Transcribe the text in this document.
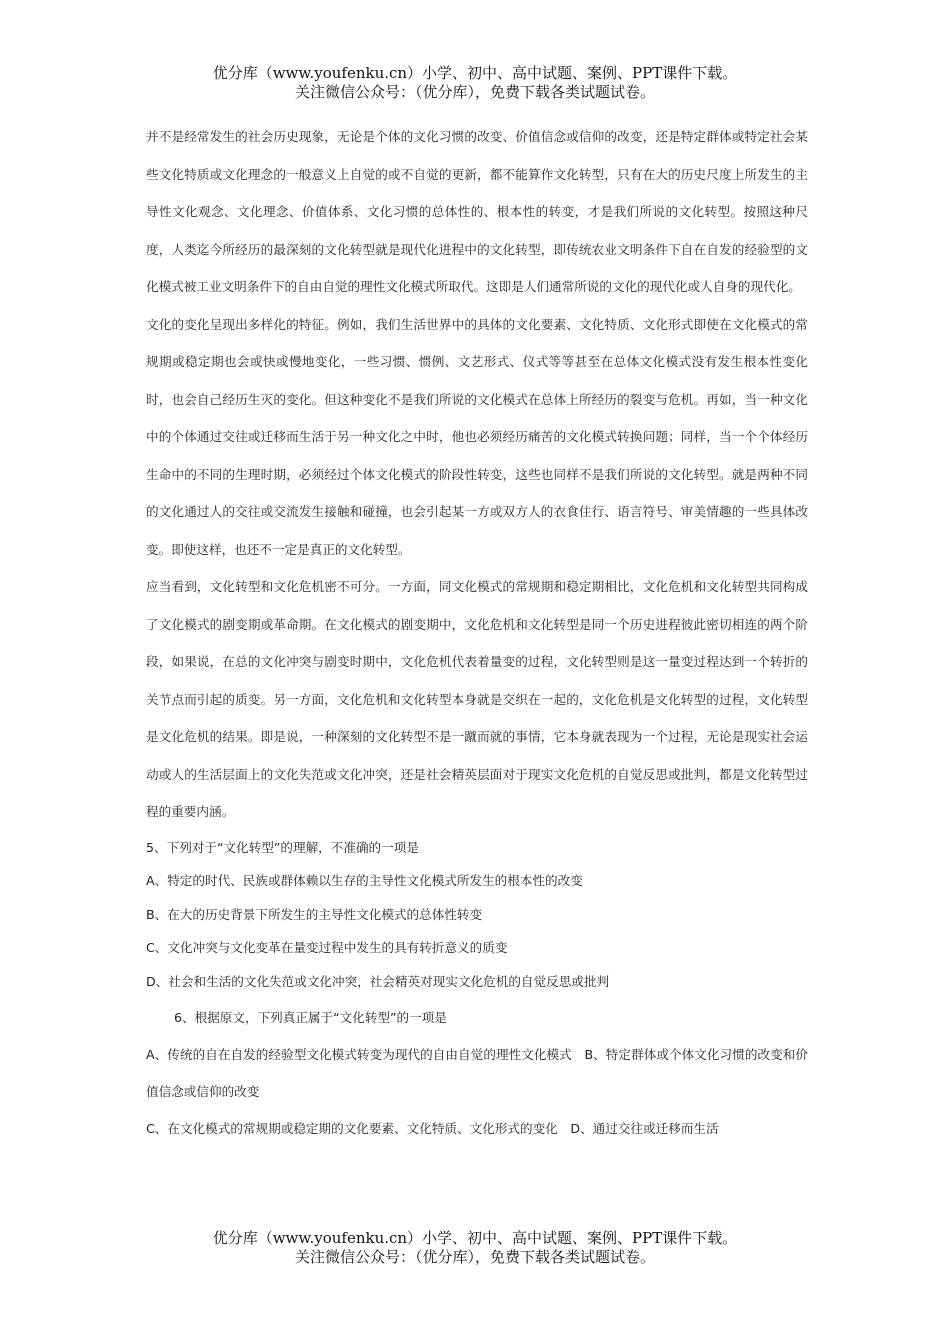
优分库（www.youfenku.cn）小学、初中、高中试题、案例、PPT课件下载。
关注微信公众号：（优分库），免费下载各类试题试卷。

并不是经常发生的社会历史现象，无论是个体的文化习惯的改变、价值信念或信仰的改变，还是特定群体或特定社会某些文化特质或文化理念的一般意义上自觉的或不自觉的更新，都不能算作文化转型，只有在大的历史尺度上所发生的主导性文化观念、文化理念、价值体系、文化习惯的总体性的、根本性的转变，才是我们所说的文化转型。按照这种尺度，人类迄今所经历的最深刻的文化转型就是现代化进程中的文化转型，即传统农业文明条件下自在自发的经验型的文化模式被工业文明条件下的自由自觉的理性文化模式所取代。这即是人们通常所说的文化的现代化或人自身的现代化。

文化的变化呈现出多样化的特征。例如，我们生活世界中的具体的文化要素、文化特质、文化形式即使在文化模式的常规期或稳定期也会或快或慢地变化，一些习惯、惯例、文艺形式、仪式等等甚至在总体文化模式没有发生根本性变化时，也会自己经历生灭的变化。但这种变化不是我们所说的文化模式在总体上所经历的裂变与危机。再如，当一种文化中的个体通过交往或迁移而生活于另一种文化之中时，他也必须经历痛苦的文化模式转换问题；同样，当一个个体经历生命中的不同的生理时期，必须经过个体文化模式的阶段性转变，这些也同样不是我们所说的文化转型。就是两种不同的文化通过人的交往或交流发生接触和碰撞，也会引起某一方或双方人的衣食住行、语言符号、审美情趣的一些具体改变。即使这样，也还不一定是真正的文化转型。

应当看到，文化转型和文化危机密不可分。一方面，同文化模式的常规期和稳定期相比，文化危机和文化转型共同构成了文化模式的剧变期或革命期。在文化模式的剧变期中，文化危机和文化转型是同一个历史进程彼此密切相连的两个阶段，如果说，在总的文化冲突与剧变时期中，文化危机代表着量变的过程，文化转型则是这一量变过程达到一个转折的关节点而引起的质变。另一方面，文化危机和文化转型本身就是交织在一起的，文化危机是文化转型的过程，文化转型是文化危机的结果。即是说，一种深刻的文化转型不是一蹴而就的事情，它本身就表现为一个过程，无论是现实社会运动或人的生活层面上的文化失范或文化冲突，还是社会精英层面对于现实文化危机的自觉反思或批判，都是文化转型过程的重要内涵。

5、下列对于“文化转型”的理解，不准确的一项是

A、特定的时代、民族或群体赖以生存的主导性文化模式所发生的根本性的改变

B、在大的历史背景下所发生的主导性文化模式的总体性转变

C、文化冲突与文化变革在量变过程中发生的具有转折意义的质变

D、社会和生活的文化失范或文化冲突，社会精英对现实文化危机的自觉反思或批判

6、根据原文，下列真正属于“文化转型”的一项是

A、传统的自在自发的经验型文化模式转变为现代的自由自觉的理性文化模式　B、特定群体或个体文化习惯的改变和价值信念或信仰的改变

C、在文化模式的常规期或稳定期的文化要素、文化特质、文化形式的变化　D、通过交往或迁移而生活

优分库（www.youfenku.cn）小学、初中、高中试题、案例、PPT课件下载。
关注微信公众号：（优分库），免费下载各类试题试卷。
